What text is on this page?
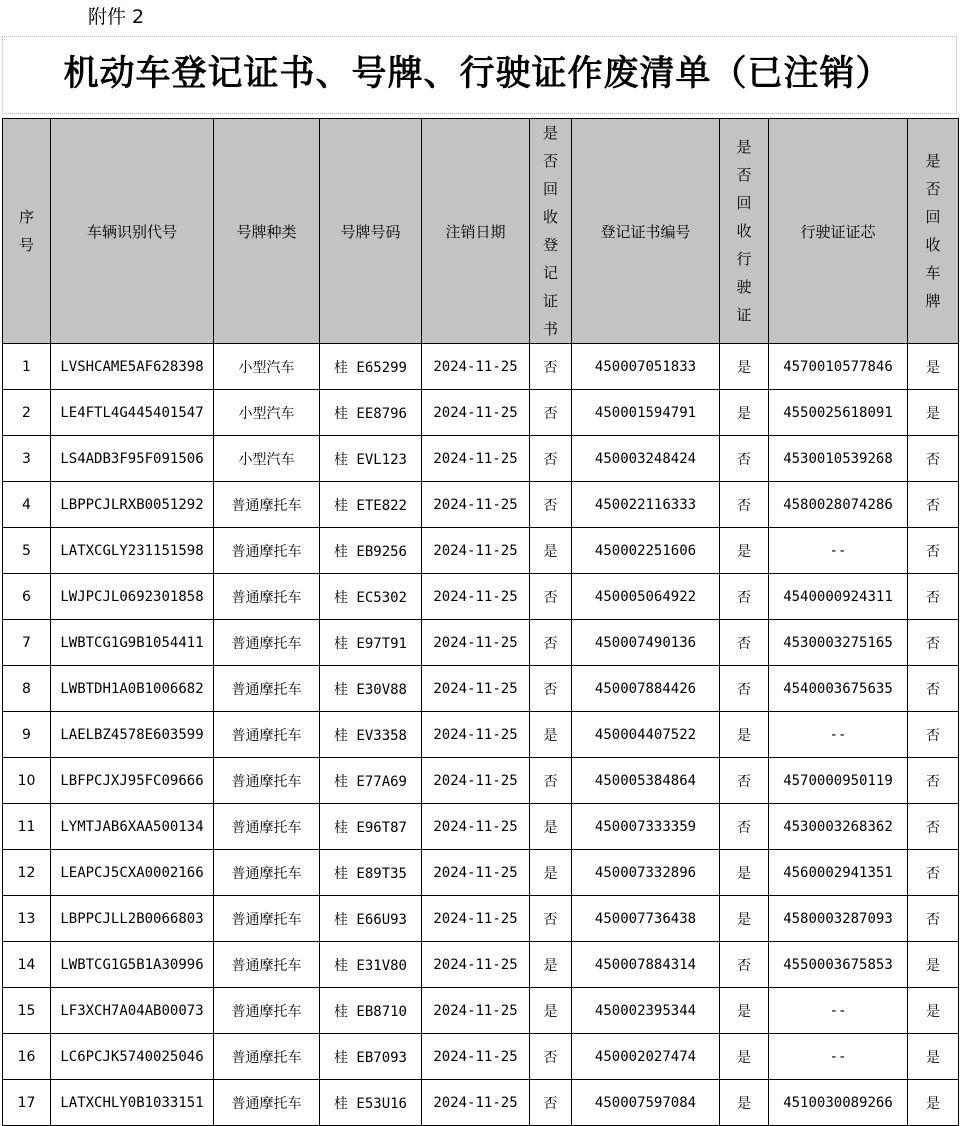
附件 2
机动车登记证书、号牌、行驶证作废清单（已注销）
序号	车辆识别代号	号牌种类	号牌号码	注销日期	是否回收登记证书	登记证书编号	是否回收行驶证	行驶证证芯	是否回收车牌
1	LVSHCAME5AF628398	小型汽车	桂 E65299	2024-11-25	否	450007051833	是	4570010577846	是
2	LE4FTL4G445401547	小型汽车	桂 EE8796	2024-11-25	否	450001594791	是	4550025618091	是
3	LS4ADB3F95F091506	小型汽车	桂 EVL123	2024-11-25	否	450003248424	否	4530010539268	否
4	LBPPCJLRXB0051292	普通摩托车	桂 ETE822	2024-11-25	否	450022116333	否	4580028074286	否
5	LATXCGLY231151598	普通摩托车	桂 EB9256	2024-11-25	是	450002251606	是	--	否
6	LWJPCJL0692301858	普通摩托车	桂 EC5302	2024-11-25	否	450005064922	否	4540000924311	否
7	LWBTCG1G9B1054411	普通摩托车	桂 E97T91	2024-11-25	否	450007490136	否	4530003275165	否
8	LWBTDH1A0B1006682	普通摩托车	桂 E30V88	2024-11-25	否	450007884426	否	4540003675635	否
9	LAELBZ4578E603599	普通摩托车	桂 EV3358	2024-11-25	是	450004407522	是	--	否
10	LBFPCJXJ95FC09666	普通摩托车	桂 E77A69	2024-11-25	否	450005384864	否	4570000950119	否
11	LYMTJAB6XAA500134	普通摩托车	桂 E96T87	2024-11-25	是	450007333359	否	4530003268362	否
12	LEAPCJ5CXA0002166	普通摩托车	桂 E89T35	2024-11-25	是	450007332896	是	4560002941351	否
13	LBPPCJLL2B0066803	普通摩托车	桂 E66U93	2024-11-25	否	450007736438	是	4580003287093	否
14	LWBTCG1G5B1A30996	普通摩托车	桂 E31V80	2024-11-25	是	450007884314	否	4550003675853	是
15	LF3XCH7A04AB00073	普通摩托车	桂 EB8710	2024-11-25	是	450002395344	是	--	是
16	LC6PCJK5740025046	普通摩托车	桂 EB7093	2024-11-25	否	450002027474	是	--	是
17	LATXCHLY0B1033151	普通摩托车	桂 E53U16	2024-11-25	否	450007597084	是	4510030089266	是
